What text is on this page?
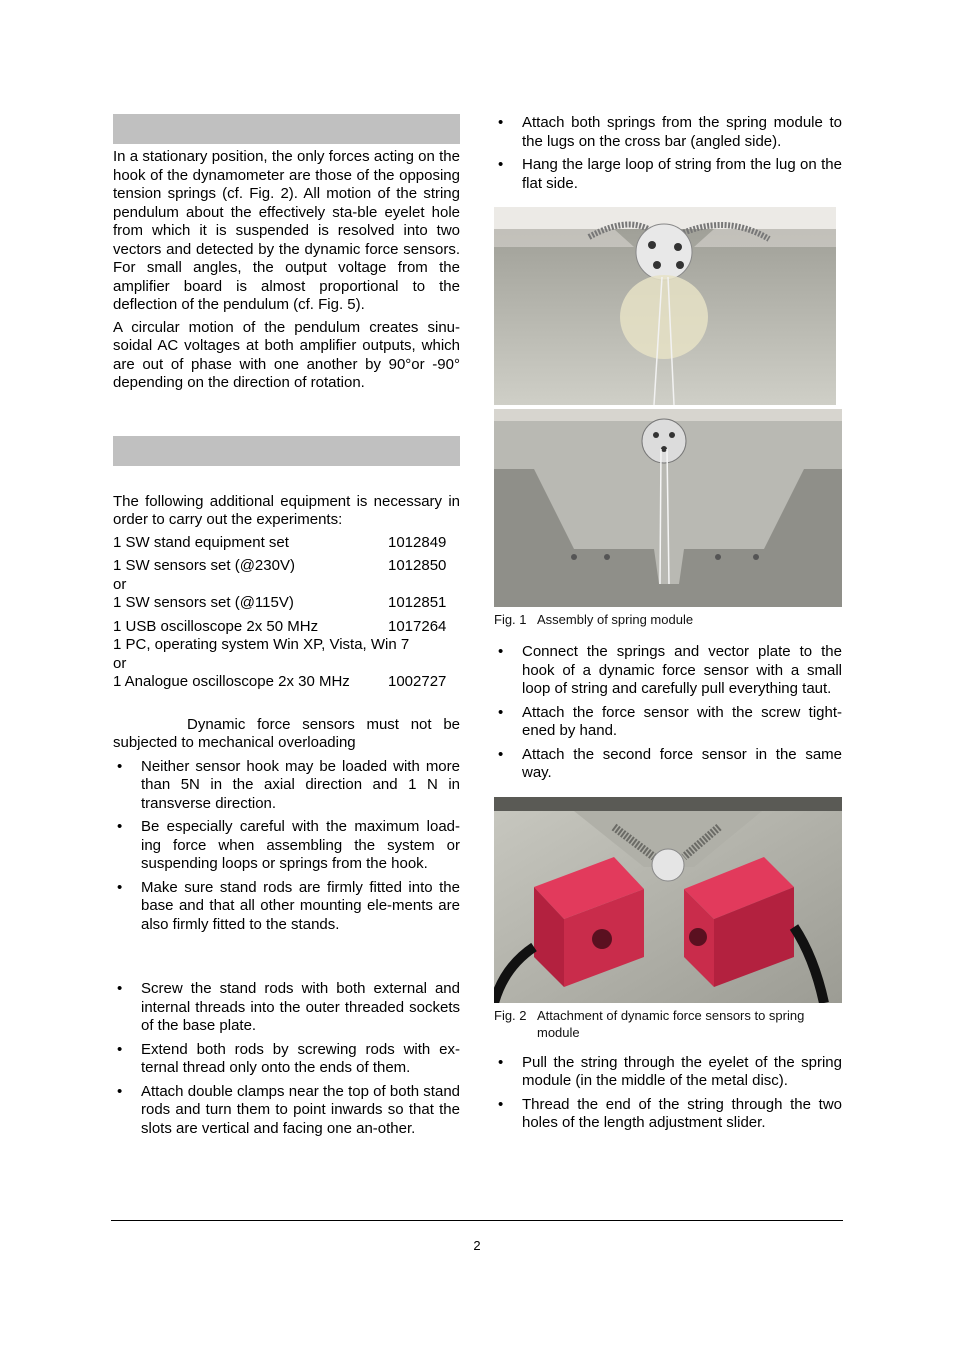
In a stationary position, the only forces acting on the hook of the dynamometer are those of the opposing tension springs (cf. Fig. 2). All motion of the string pendulum about the effectively sta-ble eyelet hole from which it is suspended is resolved into two vectors and detected by the dynamic force sensors. For small angles, the output voltage from the amplifier board is almost proportional to the deflection of the pendulum (cf. Fig. 5).

A circular motion of the pendulum creates sinu-soidal AC voltages at both amplifier outputs, which are out of phase with one another by 90°or -90° depending on the direction of rotation.

The following additional equipment is necessary in order to carry out the experiments:

1 SW stand equipment set	1012849
1 SW sensors set (@230V)	1012850
or
1 SW sensors set (@115V)	1012851
1 USB oscilloscope 2x 50 MHz	1017264
1 PC, operating system Win XP, Vista, Win 7
or
1 Analogue oscilloscope 2x 30 MHz	1002727

Dynamic force sensors must not be subjected to mechanical overloading

• Neither sensor hook may be loaded with more than 5N in the axial direction and 1 N in transverse direction.
• Be especially careful with the maximum load-ing force when assembling the system or suspending loops or springs from the hook.
• Make sure stand rods are firmly fitted into the base and that all other mounting ele-ments are also firmly fitted to the stands.
• Screw the stand rods with both external and internal threads into the outer threaded sockets of the base plate.
• Extend both rods by screwing rods with ex-ternal thread only onto the ends of them.
• Attach double clamps near the top of both stand rods and turn them to point inwards so that the slots are vertical and facing one an-other.
• Attach both springs from the spring module to the lugs on the cross bar (angled side).
• Hang the large loop of string from the lug on the flat side.
Fig. 1 Assembly of spring module
• Connect the springs and vector plate to the hook of a dynamic force sensor with a small loop of string and carefully pull everything taut.
• Attach the force sensor with the screw tight-ened by hand.
• Attach the second force sensor in the same way.
Fig. 2 Attachment of dynamic force sensors to spring
module
• Pull the string through the eyelet of the spring module (in the middle of the metal disc).
• Thread the end of the string through the two holes of the length adjustment slider.
2
